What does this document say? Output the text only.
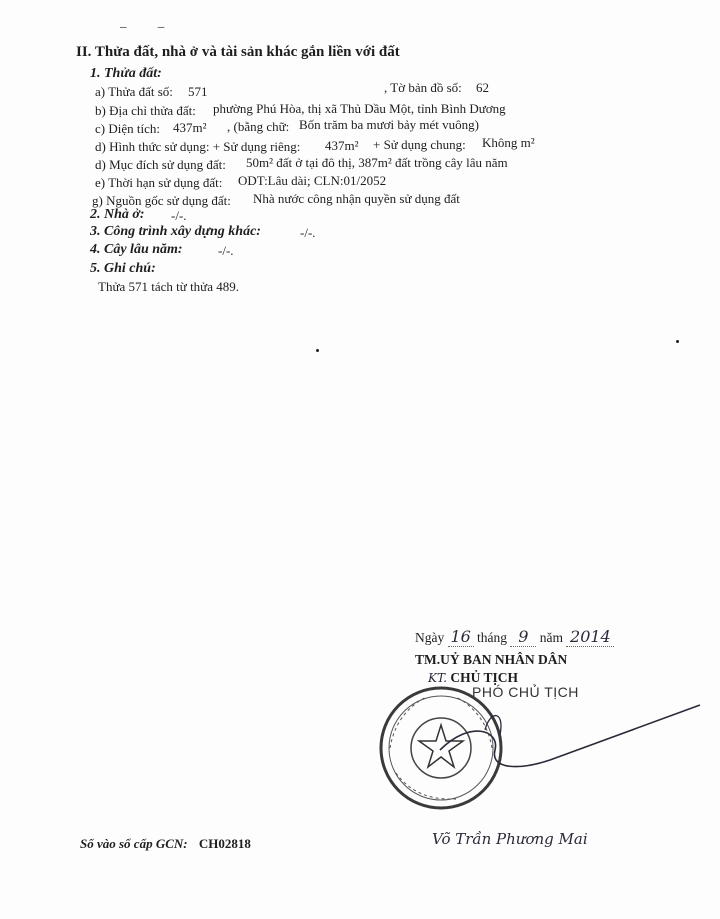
_ _
II. Thửa đất, nhà ở và tài sản khác gắn liền với đất
1. Thửa đất:
a) Thửa đất số: 571	, Tờ bản đồ số: 62
b) Địa chỉ thửa đất: phường Phú Hòa, thị xã Thủ Dầu Một, tỉnh Bình Dương
c) Diện tích: 437m² , (bằng chữ: Bốn trăm ba mươi bảy mét vuông)
d) Hình thức sử dụng: + Sử dụng riêng: 437m² + Sử dụng chung: Không m²
d) Mục đích sử dụng đất: 50m² đất ở tại đô thị, 387m² đất trồng cây lâu năm
e) Thời hạn sử dụng đất: ODT:Lâu dài; CLN:01/2052
g) Nguồn gốc sử dụng đất: Nhà nước công nhận quyền sử dụng đất
2. Nhà ở: -/-.
3. Công trình xây dựng khác:	-/-.
4. Cây lâu năm:	-/-.
5. Ghi chú:
Thửa 571 tách từ thửa 489.
Ngày 16 tháng 9 năm 2014
TM.UỶ BAN NHÂN DÂN
KT. CHỦ TỊCH
PHÓ CHỦ TỊCH
Số vào sổ cấp GCN: CH02818	Võ Trần Phương Mai
